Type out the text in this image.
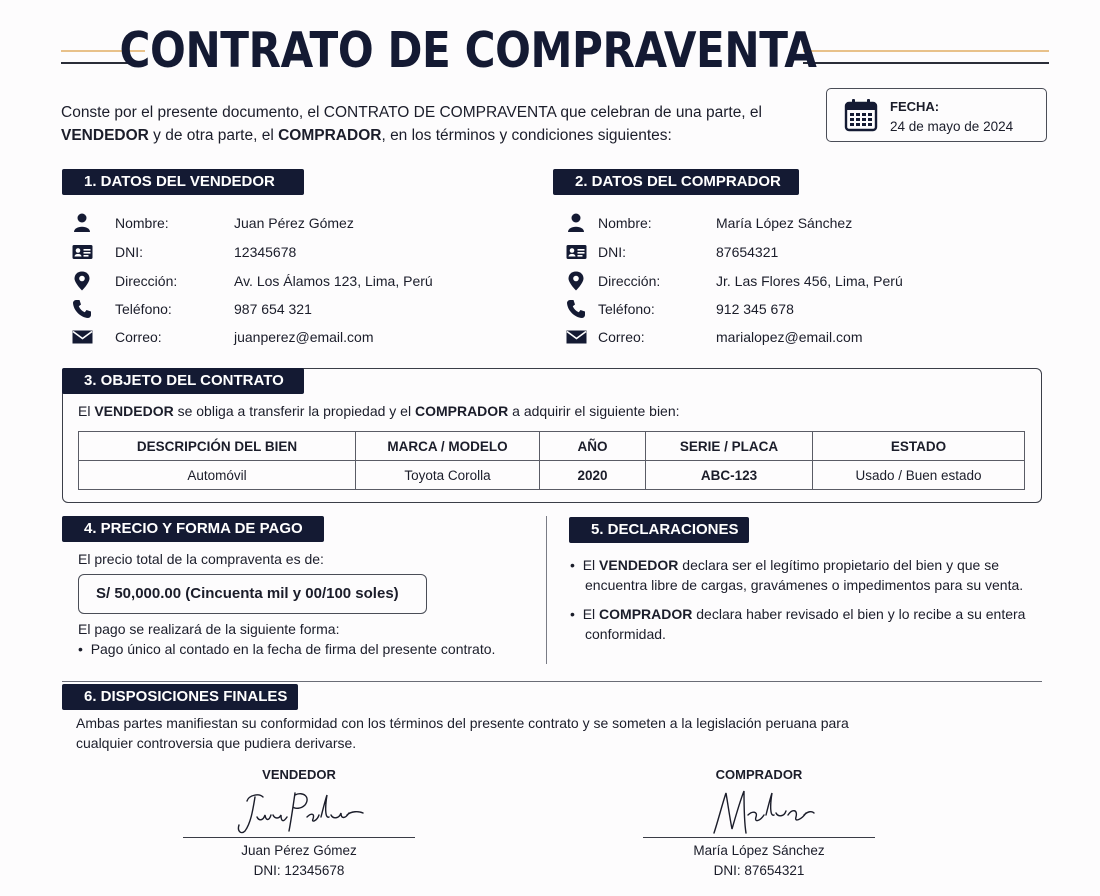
CONTRATO DE COMPRAVENTA
Conste por el presente documento, el CONTRATO DE COMPRAVENTA que celebran de una parte, el
VENDEDOR y de otra parte, el COMPRADOR, en los términos y condiciones siguientes:
FECHA:
24 de mayo de 2024
1. DATOS DEL VENDEDOR
Nombre:	Juan Pérez Gómez
DNI:	12345678
Dirección:	Av. Los Álamos 123, Lima, Perú
Teléfono:	987 654 321
Correo:	juanperez@email.com
2. DATOS DEL COMPRADOR
Nombre:	María López Sánchez
DNI:	87654321
Dirección:	Jr. Las Flores 456, Lima, Perú
Teléfono:	912 345 678
Correo:	marialopez@email.com
3. OBJETO DEL CONTRATO
El VENDEDOR se obliga a transferir la propiedad y el COMPRADOR a adquirir el siguiente bien:
DESCRIPCIÓN DEL BIEN	MARCA / MODELO	AÑO	SERIE / PLACA	ESTADO
Automóvil	Toyota Corolla	2020	ABC-123	Usado / Buen estado
4. PRECIO Y FORMA DE PAGO
El precio total de la compraventa es de:
S/ 50,000.00 (Cincuenta mil y 00/100 soles)
El pago se realizará de la siguiente forma:
•  Pago único al contado en la fecha de firma del presente contrato.
5. DECLARACIONES
•  El VENDEDOR declara ser el legítimo propietario del bien y que se
encuentra libre de cargas, gravámenes o impedimentos para su venta.
•  El COMPRADOR declara haber revisado el bien y lo recibe a su entera
conformidad.
6. DISPOSICIONES FINALES
Ambas partes manifiestan su conformidad con los términos del presente contrato y se someten a la legislación peruana para
cualquier controversia que pudiera derivarse.
VENDEDOR
Juan Pérez Gómez
DNI: 12345678
COMPRADOR
María López Sánchez
DNI: 87654321
